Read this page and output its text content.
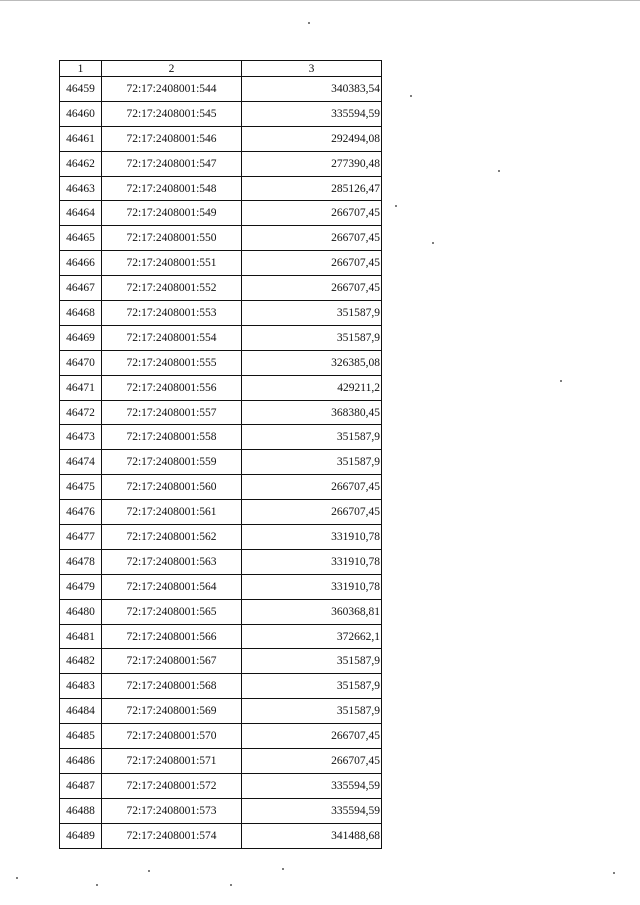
1	2	3
46459	72:17:2408001:544	340383,54
46460	72:17:2408001:545	335594,59
46461	72:17:2408001:546	292494,08
46462	72:17:2408001:547	277390,48
46463	72:17:2408001:548	285126,47
46464	72:17:2408001:549	266707,45
46465	72:17:2408001:550	266707,45
46466	72:17:2408001:551	266707,45
46467	72:17:2408001:552	266707,45
46468	72:17:2408001:553	351587,9
46469	72:17:2408001:554	351587,9
46470	72:17:2408001:555	326385,08
46471	72:17:2408001:556	429211,2
46472	72:17:2408001:557	368380,45
46473	72:17:2408001:558	351587,9
46474	72:17:2408001:559	351587,9
46475	72:17:2408001:560	266707,45
46476	72:17:2408001:561	266707,45
46477	72:17:2408001:562	331910,78
46478	72:17:2408001:563	331910,78
46479	72:17:2408001:564	331910,78
46480	72:17:2408001:565	360368,81
46481	72:17:2408001:566	372662,1
46482	72:17:2408001:567	351587,9
46483	72:17:2408001:568	351587,9
46484	72:17:2408001:569	351587,9
46485	72:17:2408001:570	266707,45
46486	72:17:2408001:571	266707,45
46487	72:17:2408001:572	335594,59
46488	72:17:2408001:573	335594,59
46489	72:17:2408001:574	341488,68
